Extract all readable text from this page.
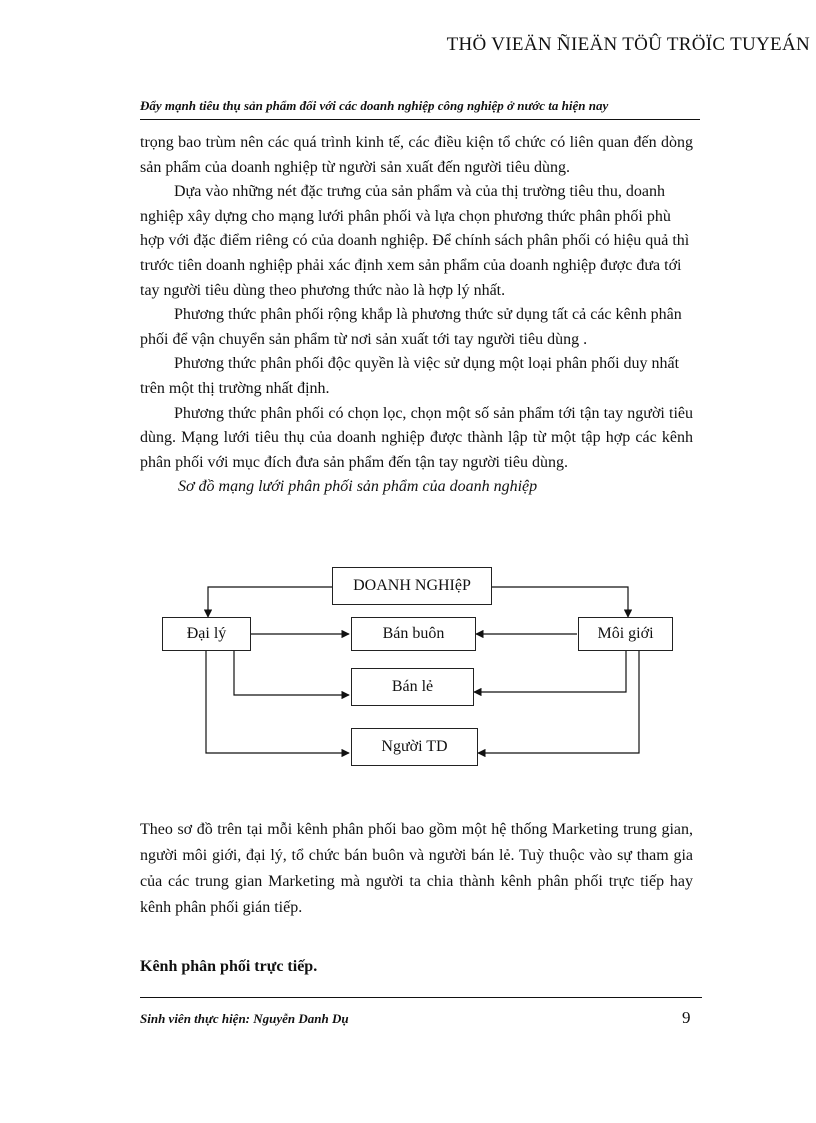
THÖ VIEÄN ÑIEÄN TÖÛ TRÖÏC TUYEÁN
Đẩy mạnh tiêu thụ sản phẩm đối với các doanh nghiệp công nghiệp ở nước ta hiện nay

trọng bao trùm nên các quá trình kinh tế, các điều kiện tổ chức có liên quan đến dòng sản phẩm của doanh nghiệp từ người sản xuất đến người tiêu dùng.

Dựa vào những nét đặc trưng của sản phẩm và của thị trường tiêu thu, doanh nghiệp xây dựng cho mạng lưới phân phối và lựa chọn phương thức phân phối phù hợp với đặc điểm riêng có của doanh nghiệp. Để chính sách phân phối có hiệu quả thì trước tiên doanh nghiệp phải xác định xem sản phẩm của doanh nghiệp được đưa tới tay người tiêu dùng theo phương thức nào là hợp lý nhất.

Phương thức phân phối rộng khắp là phương thức sử dụng tất cả các kênh phân phối để vận chuyển sản phẩm từ nơi sản xuất tới tay người tiêu dùng .

Phương thức phân phối độc quyền là việc sử dụng một loại phân phối duy nhất trên một thị trường nhất định.

Phương thức phân phối có chọn lọc, chọn một số sản phẩm tới tận tay người tiêu dùng. Mạng lưới tiêu thụ của doanh nghiệp được thành lập từ một tập hợp các kênh phân phối với mục đích đưa sản phẩm đến tận tay người tiêu dùng.

Sơ đồ mạng lưới phân phối sản phẩm của doanh nghiệp

DOANH NGHIệP
Đại lý	Bán buôn	Môi giới
Bán lẻ
Người TD

Theo sơ đồ trên tại mỗi kênh phân phối bao gồm một hệ thống Marketing trung gian, người môi giới, đại lý, tổ chức bán buôn và người bán lẻ. Tuỳ thuộc vào sự tham gia của các trung gian Marketing mà người ta chia thành kênh phân phối trực tiếp hay kênh phân phối gián tiếp.

Kênh phân phối trực tiếp.
Sinh viên thực hiện: Nguyễn Danh Dụ	9
